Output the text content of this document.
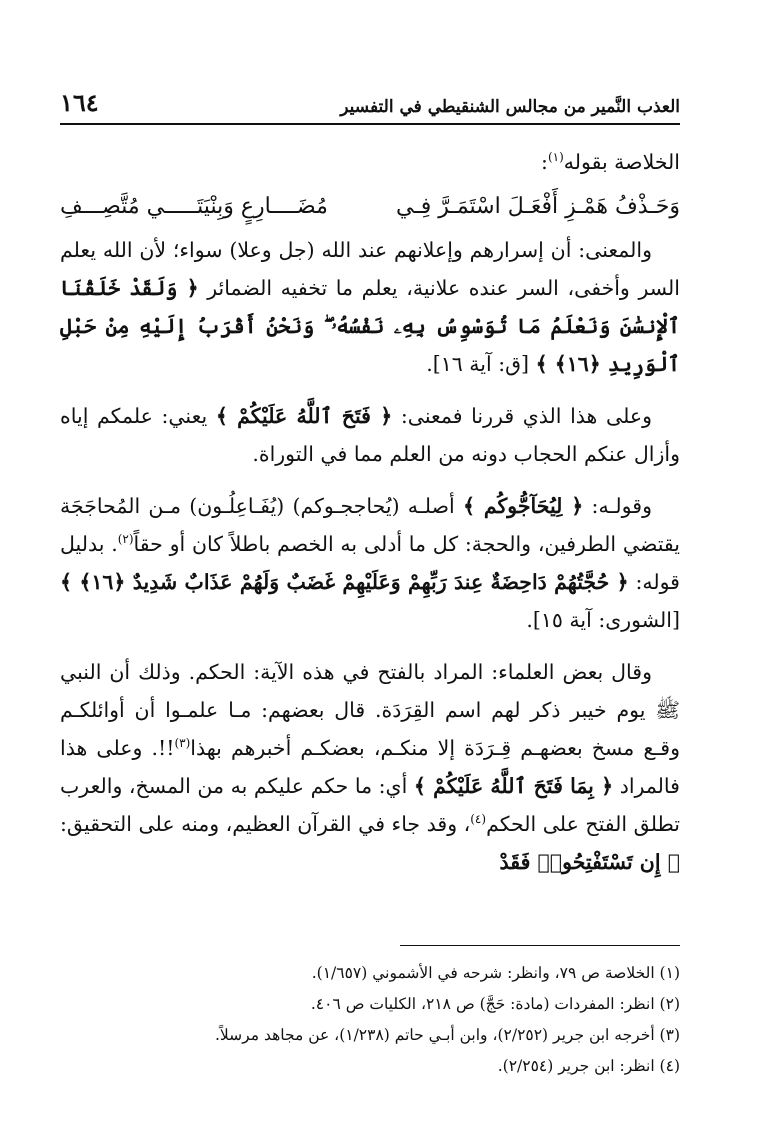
العذب النَّمير من مجالس الشنقيطي في التفسير
١٦٤

الخلاصة بقوله$^{(١)}$:

وَحَـذْفُ هَمْـزِ أَفْعَـلَ اسْتَمَـرَّ فِـي
مُضَــــارِعٍ وَبِنْيَتَـــــي مُتَّصِـــفِ

والمعنى: أن إسرارهم وإعلانهم عند الله (جل وعلا) سواء؛ لأن الله يعلم السر وأخفى، السر عنده علانية، يعلم ما تخفيه الضمائر ﴿ وَلَقَدْ خَلَقْنَا ٱلْإِنسَٰنَ وَنَعْلَمُ مَا تُوَسْوِسُ بِهِۦ نَفْسُهُۥ ۖ وَنَحْنُ أَقْرَبُ إِلَيْهِ مِنْ حَبْلِ ٱلْوَرِيدِ ﴿١٦﴾ ﴾ [ق: آية ١٦].

وعلى هذا الذي قررنا فمعنى: ﴿ فَتَحَ ٱللَّهُ عَلَيْكُمْ ﴾ يعني: علمكم إياه وأزال عنكم الحجاب دونه من العلم مما في التوراة.

وقولـه: ﴿ لِيُحَآجُّوكُم ﴾ أصلـه (يُحاججـوكم) (يُفَـاعِلُـون) مـن المُحاجَجَة يقتضي الطرفين، والحجة: كل ما أدلى به الخصم باطلاً كان أو حقاً$^{(٢)}$. بدليل قوله: ﴿ حُجَّتُهُمْ دَاحِضَةٌ عِندَ رَبِّهِمْ وَعَلَيْهِمْ غَضَبٌ وَلَهُمْ عَذَابٌ شَدِيدٌ ﴿١٦﴾ ﴾ [الشورى: آية ١٥].

وقال بعض العلماء: المراد بالفتح في هذه الآية: الحكم. وذلك أن النبي ﷺ يوم خيبر ذكر لهم اسم القِرَدَة. قال بعضهم: مـا علمـوا أن أوائلكـم وقـع مسخ بعضهـم قِـرَدَة إلا منكـم، بعضكـم أخبرهم بهذا$^{(٣)}$!!. وعلى هذا فالمراد ﴿ بِمَا فَتَحَ ٱللَّهُ عَلَيْكُمْ ﴾ أي: ما حكم عليكم به من المسخ، والعرب تطلق الفتح على الحكم$^{(٤)}$، وقد جاء في القرآن العظيم، ومنه على التحقيق: ﴿ إِن تَسْتَفْتِحُوا۟ فَقَدْ

(١) الخلاصة ص ٧٩، وانظر: شرحه في الأشموني (١/٦٥٧).
(٢) انظر: المفردات (مادة: حَجَّ) ص ٢١٨، الكليات ص ٤٠٦.
(٣) أخرجه ابن جرير (٢/٢٥٢)، وابن أبـي حاتم (١/٢٣٨)، عن مجاهد مرسلاً.
(٤) انظر: ابن جرير (٢/٢٥٤).
